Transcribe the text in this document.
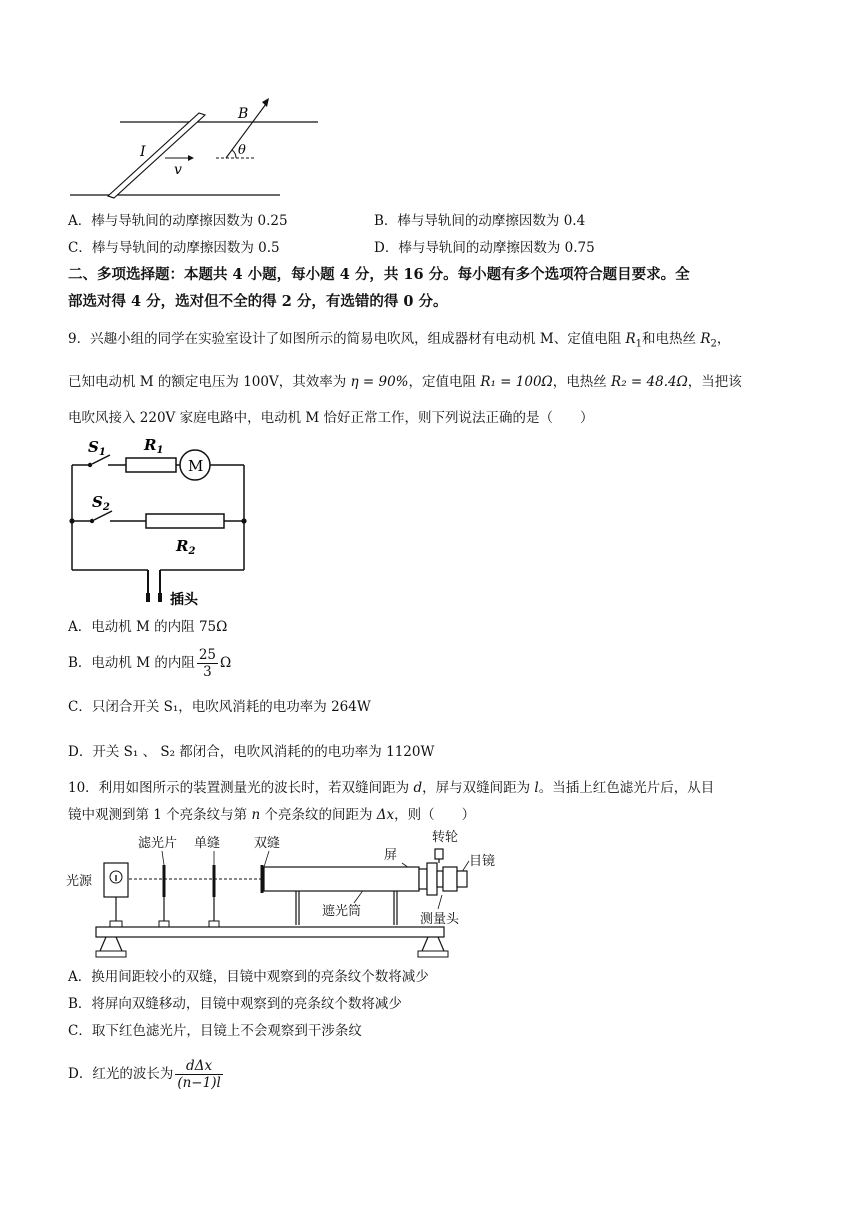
B
I
v
θ
A．棒与导轨间的动摩擦因数为 0.25	B．棒与导轨间的动摩擦因数为 0.4
C．棒与导轨间的动摩擦因数为 0.5	D．棒与导轨间的动摩擦因数为 0.75
二、多项选择题：本题共 4 小题，每小题 4 分，共 16 分。每小题有多个选项符合题目要求。全
部选对得 4 分，选对但不全的得 2 分，有选错的得 0 分。
9．兴趣小组的同学在实验室设计了如图所示的简易电吹风，组成器材有电动机 M、定值电阻 $R_1$和电热丝 $R_2$，
已知电动机 M 的额定电压为 100V，其效率为 η = 90%，定值电阻 R₁ = 100Ω，电热丝 R₂ = 48.4Ω，当把该
电吹风接入 220V 家庭电路中，电动机 M 恰好正常工作，则下列说法正确的是（　　）
M
$S_1$	$R_1$
$S_2$
$R_2$
插头
A．电动机 M 的内阻 75Ω
B．电动机 M 的内阻 $\frac{25}{3}$ Ω
C．只闭合开关 S₁，电吹风消耗的电功率为 264W
D．开关 S₁ 、 S₂ 都闭合，电吹风消耗的的电功率为 1120W
10．利用如图所示的装置测量光的波长时，若双缝间距为 d，屏与双缝间距为 l。当插上红色滤光片后，从目
镜中观测到第 1 个亮条纹与第 n 个亮条纹的间距为 Δx，则（　　）
滤光片 单缝	双缝
屏
转轮
目镜
光源
遮光筒
测量头
A．换用间距较小的双缝，目镜中观察到的亮条纹个数将减少
B．将屏向双缝移动，目镜中观察到的亮条纹个数将减少
C．取下红色滤光片，目镜上不会观察到干涉条纹
D．红光的波长为 $\frac{\text{dΔx}}{(n-1)l}$
